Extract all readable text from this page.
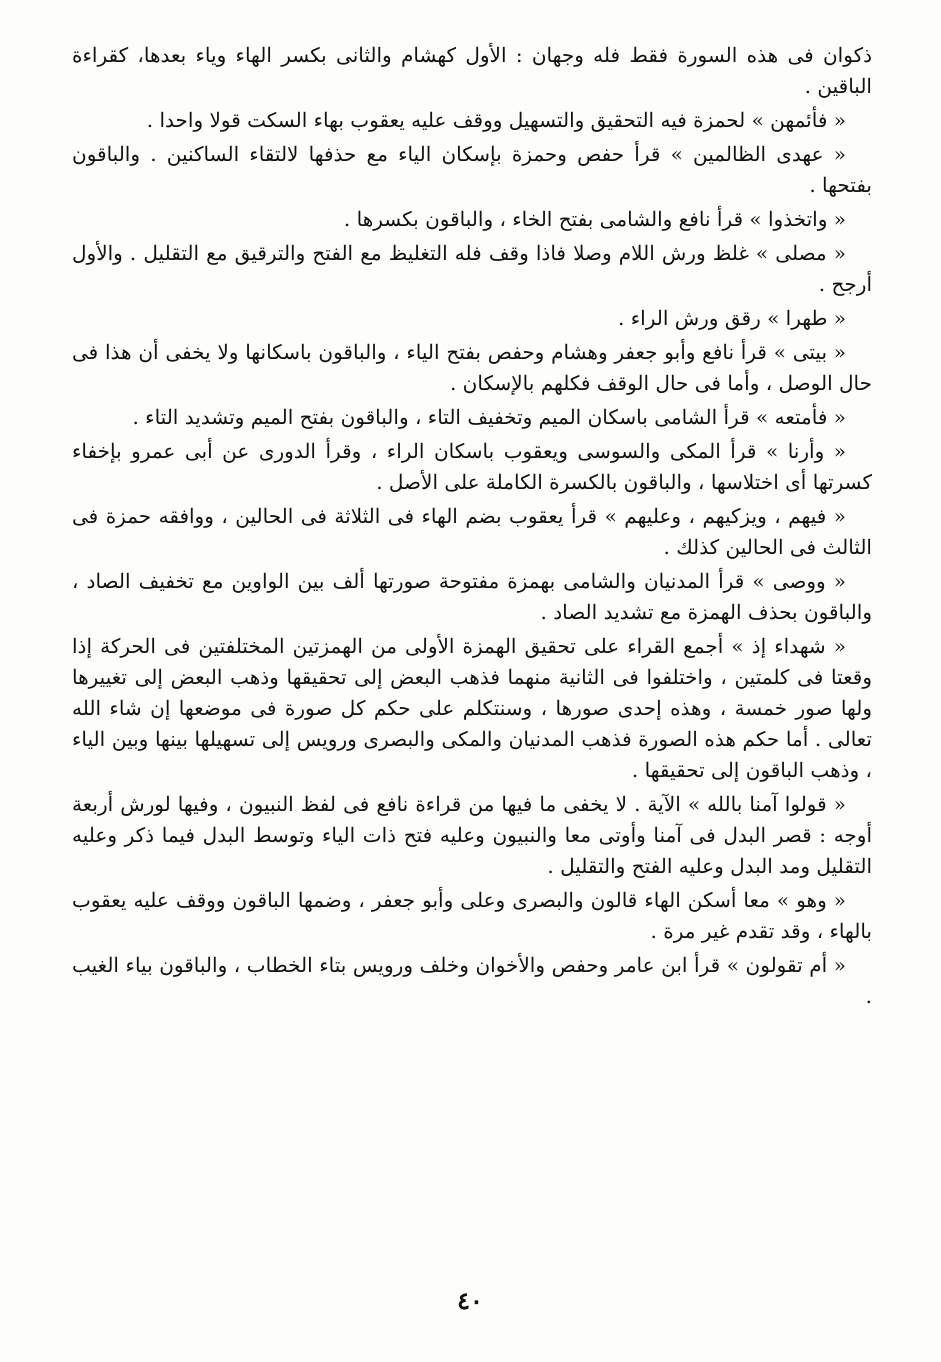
ذكوان فى هذه السورة فقط فله وجهان : الأول كهشام والثانى بكسر الهاء وياء بعدها، كقراءة الباقين .

« فأئمهن » لحمزة فيه التحقيق والتسهيل ووقف عليه يعقوب بهاء السكت قولا واحدا .

« عهدى الظالمين » قرأ حفص وحمزة بإسكان الياء مع حذفها لالتقاء الساكنين . والباقون بفتحها .

« واتخذوا » قرأ نافع والشامى بفتح الخاء ، والباقون بكسرها .

« مصلى » غلظ ورش اللام وصلا فاذا وقف فله التغليظ مع الفتح والترقيق مع التقليل . والأول أرجح .

« طهرا » رقق ورش الراء .

« بيتى » قرأ نافع وأبو جعفر وهشام وحفص بفتح الياء ، والباقون باسكانها ولا يخفى أن هذا فى حال الوصل ، وأما فى حال الوقف فكلهم بالإسكان .

« فأمتعه » قرأ الشامى باسكان الميم وتخفيف التاء ، والباقون بفتح الميم وتشديد التاء .

« وأرنا » قرأ المكى والسوسى ويعقوب باسكان الراء ، وقرأ الدورى عن أبى عمرو بإخفاء كسرتها أى اختلاسها ، والباقون بالكسرة الكاملة على الأصل .

« فيهم ، ويزكيهم ، وعليهم » قرأ يعقوب بضم الهاء فى الثلاثة فى الحالين ، ووافقه حمزة فى الثالث فى الحالين كذلك .

« ووصى » قرأ المدنيان والشامى بهمزة مفتوحة صورتها ألف بين الواوين مع تخفيف الصاد ، والباقون بحذف الهمزة مع تشديد الصاد .

« شهداء إذ » أجمع القراء على تحقيق الهمزة الأولى من الهمزتين المختلفتين فى الحركة إذا وقعتا فى كلمتين ، واختلفوا فى الثانية منهما فذهب البعض إلى تحقيقها وذهب البعض إلى تغييرها ولها صور خمسة ، وهذه إحدى صورها ، وسنتكلم على حكم كل صورة فى موضعها إن شاء الله تعالى . أما حكم هذه الصورة فذهب المدنيان والمكى والبصرى ورويس إلى تسهيلها بينها وبين الياء ، وذهب الباقون إلى تحقيقها .

« قولوا آمنا بالله » الآية . لا يخفى ما فيها من قراءة نافع فى لفظ النبيون ، وفيها لورش أربعة أوجه : قصر البدل فى آمنا وأوتى معا والنبيون وعليه فتح ذات الياء وتوسط البدل فيما ذكر وعليه التقليل ومد البدل وعليه الفتح والتقليل .

« وهو » معا أسكن الهاء قالون والبصرى وعلى وأبو جعفر ، وضمها الباقون ووقف عليه يعقوب بالهاء ، وقد تقدم غير مرة .

« أم تقولون » قرأ ابن عامر وحفص والأخوان وخلف ورويس بتاء الخطاب ، والباقون بياء الغيب .

٤٠
